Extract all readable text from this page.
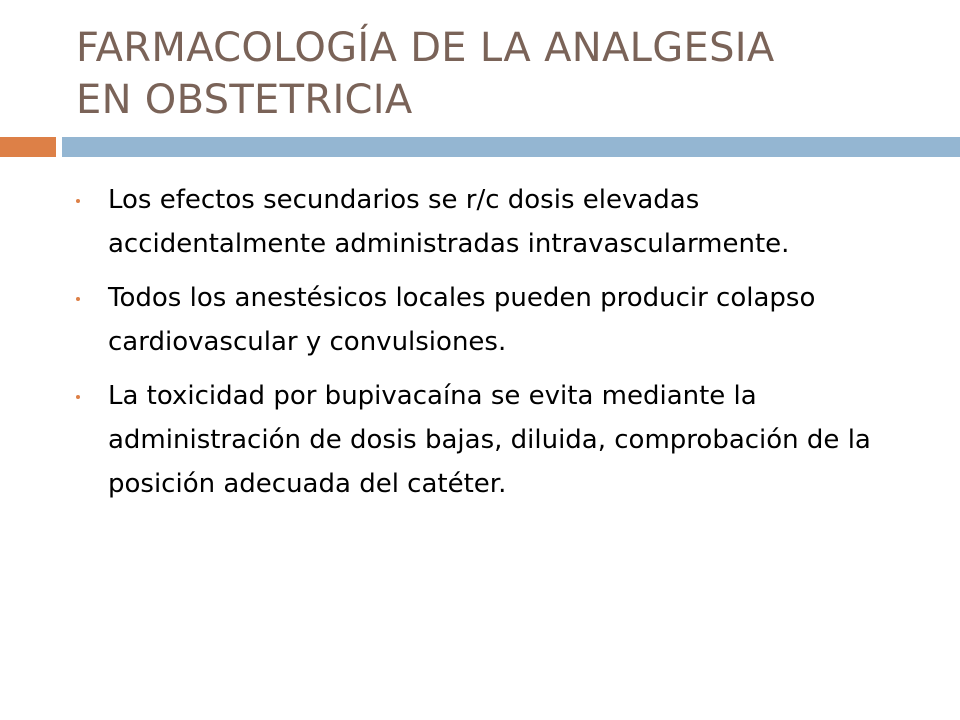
FARMACOLOGÍA DE LA ANALGESIA
EN OBSTETRICIA
Los efectos secundarios se r/c dosis elevadas accidentalmente administradas intravascularmente.
Todos los anestésicos locales pueden producir colapso cardiovascular y convulsiones.
La toxicidad por bupivacaína se evita mediante la administración de dosis bajas, diluida, comprobación de la posición adecuada del catéter.
